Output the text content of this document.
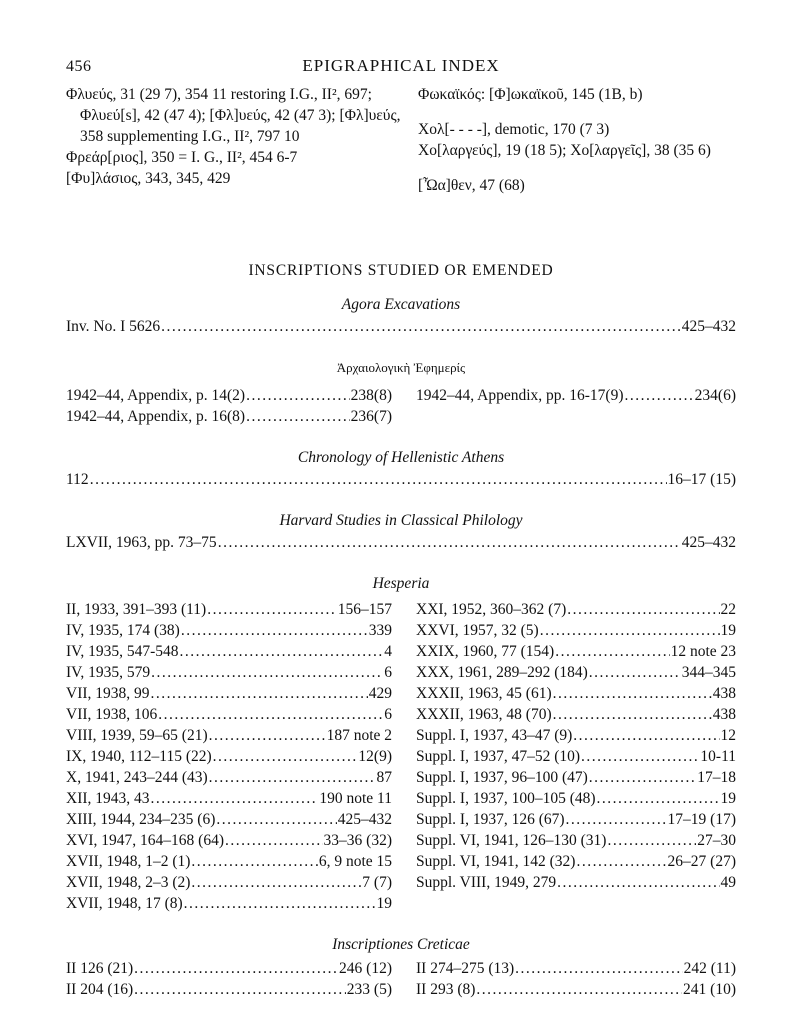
456	EPIGRAPHICAL INDEX

Φλυεύς, 31 (29 7), 354 11 restoring I.G., II², 697; Φλυεύ[s], 42 (47 4); [Φλ]υεύς, 42 (47 3); [Φλ]υεύς, 358 supplementing I.G., II², 797 10

Φρεάρ[ριος], 350 = I. G., II², 454 6-7

[Φυ]λάσιος, 343, 345, 429

Φωκαϊκός: [Φ]ωκαϊκοῦ, 145 (1B, b)

Χολ[- - - -], demotic, 170 (7 3)

Χο[λαργεύς], 19 (18 5); Χο[λαργεῖς], 38 (35 6)

[Ὦα]θεν, 47 (68)

INSCRIPTIONS STUDIED OR EMENDED
Agora Excavations
Inv. No. I 5626 .....	425–432
Ἀρχαιολογικὴ Ἐφημερίς
1942–44, Appendix, p. 14(2) .....	238(8)
1942–44, Appendix, p. 16(8) .....	236(7)
1942–44, Appendix, pp. 16-17(9) .....	234(6)
Chronology of Hellenistic Athens
112 .....	16–17 (15)
Harvard Studies in Classical Philology
LXVII, 1963, pp. 73–75 .....	425–432
Hesperia
II, 1933, 391–393 (11) .....	156–157
IV, 1935, 174 (38) .....	339
IV, 1935, 547-548 .....	4
IV, 1935, 579 .....	6
VII, 1938, 99 .....	429
VII, 1938, 106 .....	6
VIII, 1939, 59–65 (21) .....	187 note 2
IX, 1940, 112–115 (22) .....	12(9)
X, 1941, 243–244 (43) .....	87
XII, 1943, 43 .....	190 note 11
XIII, 1944, 234–235 (6) .....	425–432
XVI, 1947, 164–168 (64) .....	33–36 (32)
XVII, 1948, 1–2 (1) .....	6, 9 note 15
XVII, 1948, 2–3 (2) .....	7 (7)
XVII, 1948, 17 (8) .....	19
XXI, 1952, 360–362 (7) .....	22
XXVI, 1957, 32 (5) .....	19
XXIX, 1960, 77 (154) .....	12 note 23
XXX, 1961, 289–292 (184) .....	344–345
XXXII, 1963, 45 (61) .....	438
XXXII, 1963, 48 (70) .....	438
Suppl. I, 1937, 43–47 (9) .....	12
Suppl. I, 1937, 47–52 (10) .....	10-11
Suppl. I, 1937, 96–100 (47) .....	17–18
Suppl. I, 1937, 100–105 (48) .....	19
Suppl. I, 1937, 126 (67) .....	17–19 (17)
Suppl. VI, 1941, 126–130 (31) .....	27–30
Suppl. VI, 1941, 142 (32) .....	26–27 (27)
Suppl. VIII, 1949, 279 .....	49
Inscriptiones Creticae
II 126 (21) .....	246 (12)
II 204 (16) .....	233 (5)
II 274–275 (13) .....	242 (11)
II 293 (8) .....	241 (10)
